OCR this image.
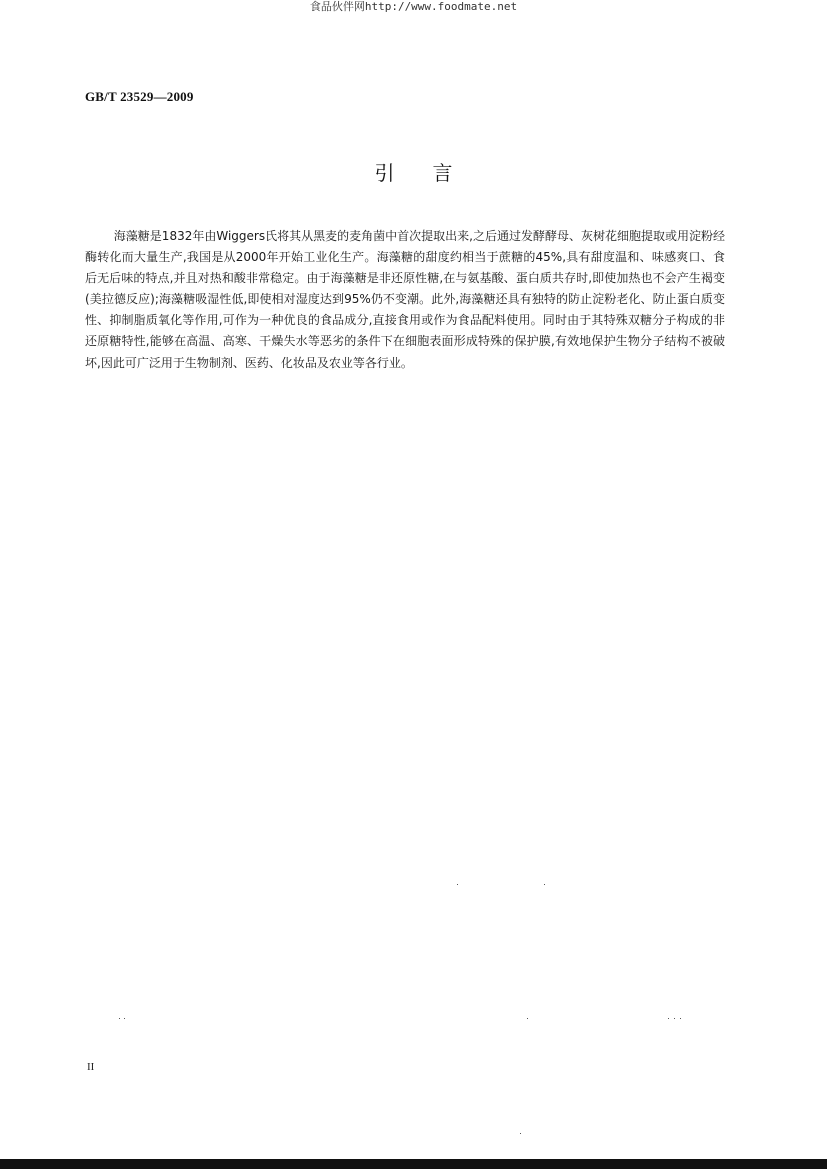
食品伙伴网http://www.foodmate.net
GB/T 23529—2009
引言

海藻糖是1832年由Wiggers氏将其从黑麦的麦角菌中首次提取出来,之后通过发酵酵母、灰树花细胞提取或用淀粉经酶转化而大量生产,我国是从2000年开始工业化生产。海藻糖的甜度约相当于蔗糖的45%,具有甜度温和、味感爽口、食后无后味的特点,并且对热和酸非常稳定。由于海藻糖是非还原性糖,在与氨基酸、蛋白质共存时,即使加热也不会产生褐变(美拉德反应);海藻糖吸湿性低,即使相对湿度达到95%仍不变潮。此外,海藻糖还具有独特的防止淀粉老化、防止蛋白质变性、抑制脂质氧化等作用,可作为一种优良的食品成分,直接食用或作为食品配料使用。同时由于其特殊双糖分子构成的非还原糖特性,能够在高温、高寒、干燥失水等恶劣的条件下在细胞表面形成特殊的保护膜,有效地保护生物分子结构不被破坏,因此可广泛用于生物制剂、医药、化妆品及农业等各行业。

II
